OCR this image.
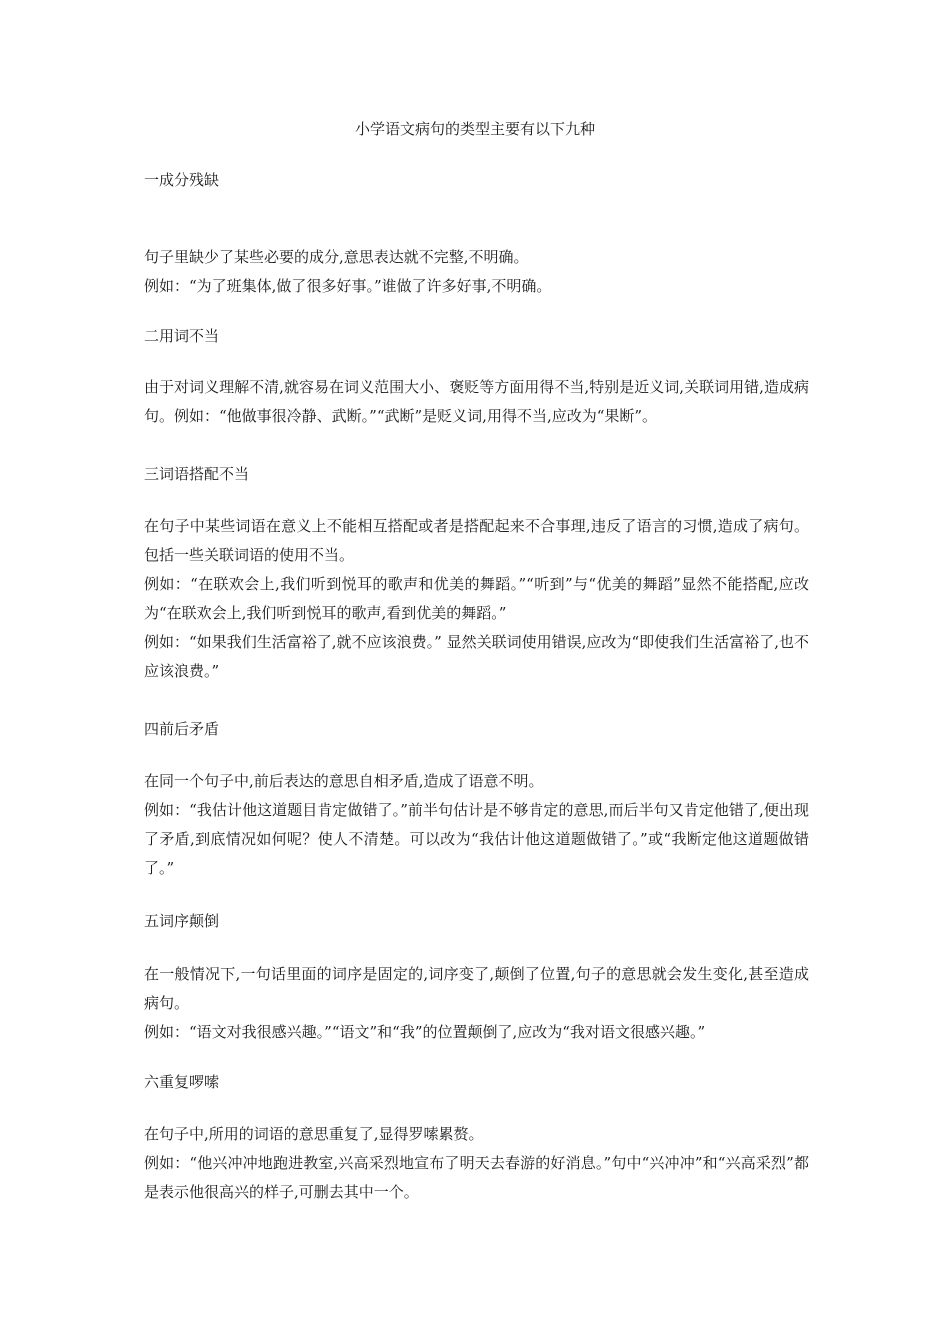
小学语文病句的类型主要有以下九种
一成分残缺

句子里缺少了某些必要的成分,意思表达就不完整,不明确。

例如：“为了班集体,做了很多好事。”谁做了许多好事,不明确。

二用词不当

由于对词义理解不清,就容易在词义范围大小、褒贬等方面用得不当,特别是近义词,关联词用错,造成病句。例如：“他做事很冷静、武断。”“武断”是贬义词,用得不当,应改为“果断”。

三词语搭配不当

在句子中某些词语在意义上不能相互搭配或者是搭配起来不合事理,违反了语言的习惯,造成了病句。包括一些关联词语的使用不当。

例如：“在联欢会上,我们听到悦耳的歌声和优美的舞蹈。”“听到”与“优美的舞蹈”显然不能搭配,应改为“在联欢会上,我们听到悦耳的歌声,看到优美的舞蹈。”

例如：“如果我们生活富裕了,就不应该浪费。” 显然关联词使用错误,应改为“即使我们生活富裕了,也不应该浪费。”

四前后矛盾

在同一个句子中,前后表达的意思自相矛盾,造成了语意不明。

例如：“我估计他这道题目肯定做错了。”前半句估计是不够肯定的意思,而后半句又肯定他错了,便出现了矛盾,到底情况如何呢？使人不清楚。可以改为“我估计他这道题做错了。”或“我断定他这道题做错了。”

五词序颠倒

在一般情况下,一句话里面的词序是固定的,词序变了,颠倒了位置,句子的意思就会发生变化,甚至造成病句。

例如：“语文对我很感兴趣。”“语文”和“我”的位置颠倒了,应改为“我对语文很感兴趣。”

六重复啰嗦

在句子中,所用的词语的意思重复了,显得罗嗦累赘。

例如：“他兴冲冲地跑进教室,兴高采烈地宣布了明天去春游的好消息。”句中“兴冲冲”和“兴高采烈”都是表示他很高兴的样子,可删去其中一个。
